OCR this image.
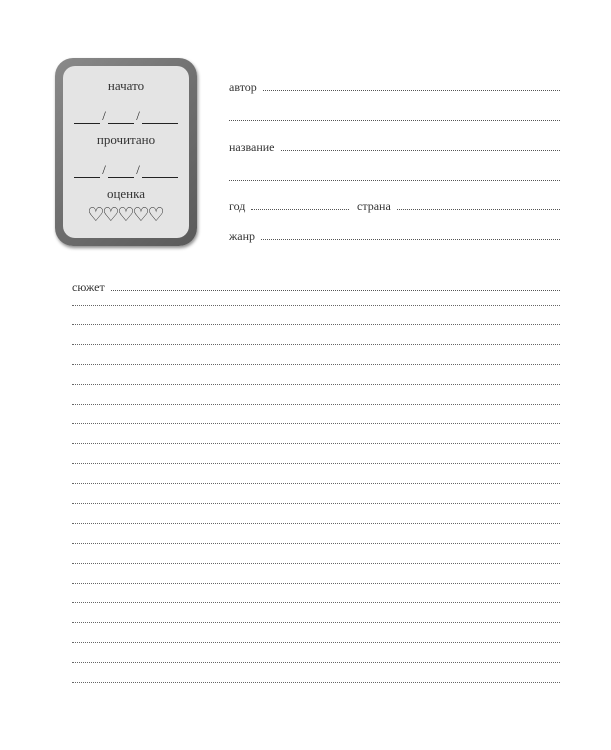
начато
/ /
прочитано
/ /
оценка
♡♡♡♡♡
автор
название
год	страна
жанр
сюжет
